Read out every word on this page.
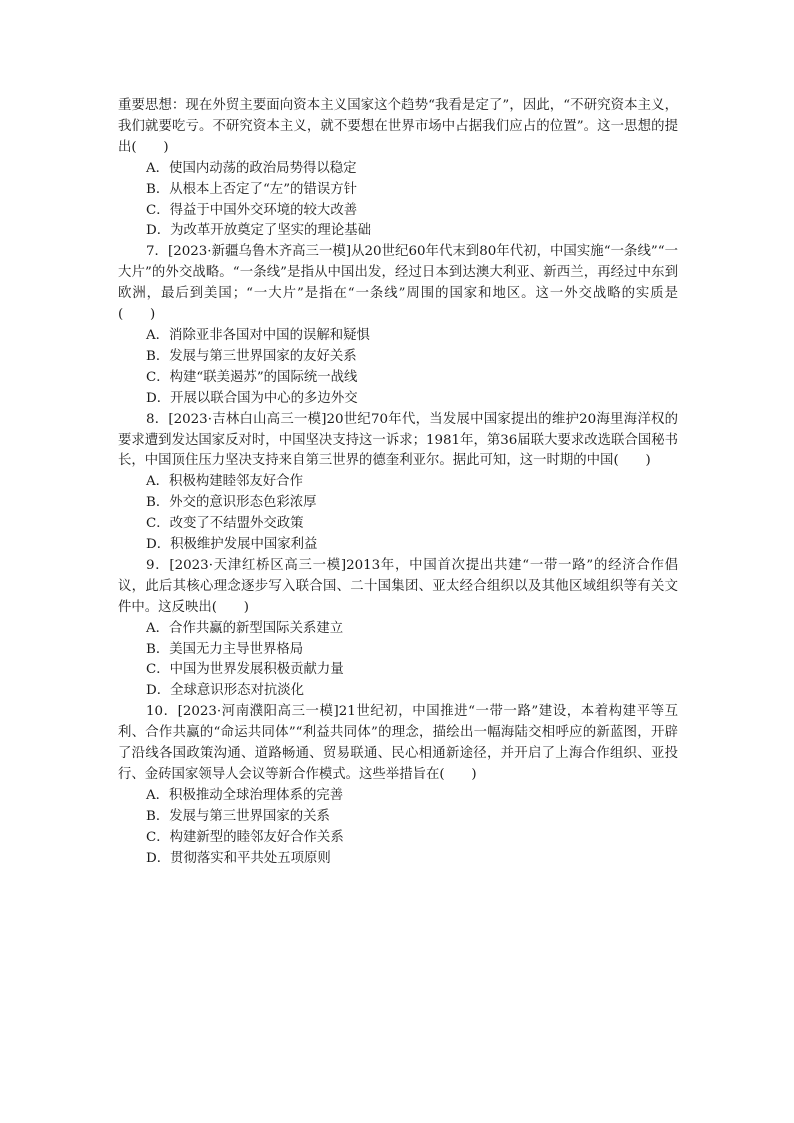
重要思想：现在外贸主要面向资本主义国家这个趋势“我看是定了”，因此，“不研究资本主义，我们就要吃亏。不研究资本主义，就不要想在世界市场中占据我们应占的位置”。这一思想的提出(　　)

A．使国内动荡的政治局势得以稳定

B．从根本上否定了“左”的错误方针

C．得益于中国外交环境的较大改善

D．为改革开放奠定了坚实的理论基础

7．[2023·新疆乌鲁木齐高三一模]从20世纪60年代末到80年代初，中国实施“一条线”“一大片”的外交战略。“一条线”是指从中国出发，经过日本到达澳大利亚、新西兰，再经过中东到欧洲，最后到美国；“一大片”是指在“一条线”周围的国家和地区。这一外交战略的实质是(　　)

A．消除亚非各国对中国的误解和疑惧

B．发展与第三世界国家的友好关系

C．构建“联美遏苏”的国际统一战线

D．开展以联合国为中心的多边外交

8．[2023·吉林白山高三一模]20世纪70年代，当发展中国家提出的维护20海里海洋权的要求遭到发达国家反对时，中国坚决支持这一诉求；1981年，第36届联大要求改选联合国秘书长，中国顶住压力坚决支持来自第三世界的德奎利亚尔。据此可知，这一时期的中国(　　)

A．积极构建睦邻友好合作

B．外交的意识形态色彩浓厚

C．改变了不结盟外交政策

D．积极维护发展中国家利益

9．[2023·天津红桥区高三一模]2013年，中国首次提出共建“一带一路”的经济合作倡议，此后其核心理念逐步写入联合国、二十国集团、亚太经合组织以及其他区域组织等有关文件中。这反映出(　　)

A．合作共赢的新型国际关系建立

B．美国无力主导世界格局

C．中国为世界发展积极贡献力量

D．全球意识形态对抗淡化

10．[2023·河南濮阳高三一模]21世纪初，中国推进“一带一路”建设，本着构建平等互利、合作共赢的“命运共同体”“利益共同体”的理念，描绘出一幅海陆交相呼应的新蓝图，开辟了沿线各国政策沟通、道路畅通、贸易联通、民心相通新途径，并开启了上海合作组织、亚投行、金砖国家领导人会议等新合作模式。这些举措旨在(　　)

A．积极推动全球治理体系的完善

B．发展与第三世界国家的关系

C．构建新型的睦邻友好合作关系

D．贯彻落实和平共处五项原则
